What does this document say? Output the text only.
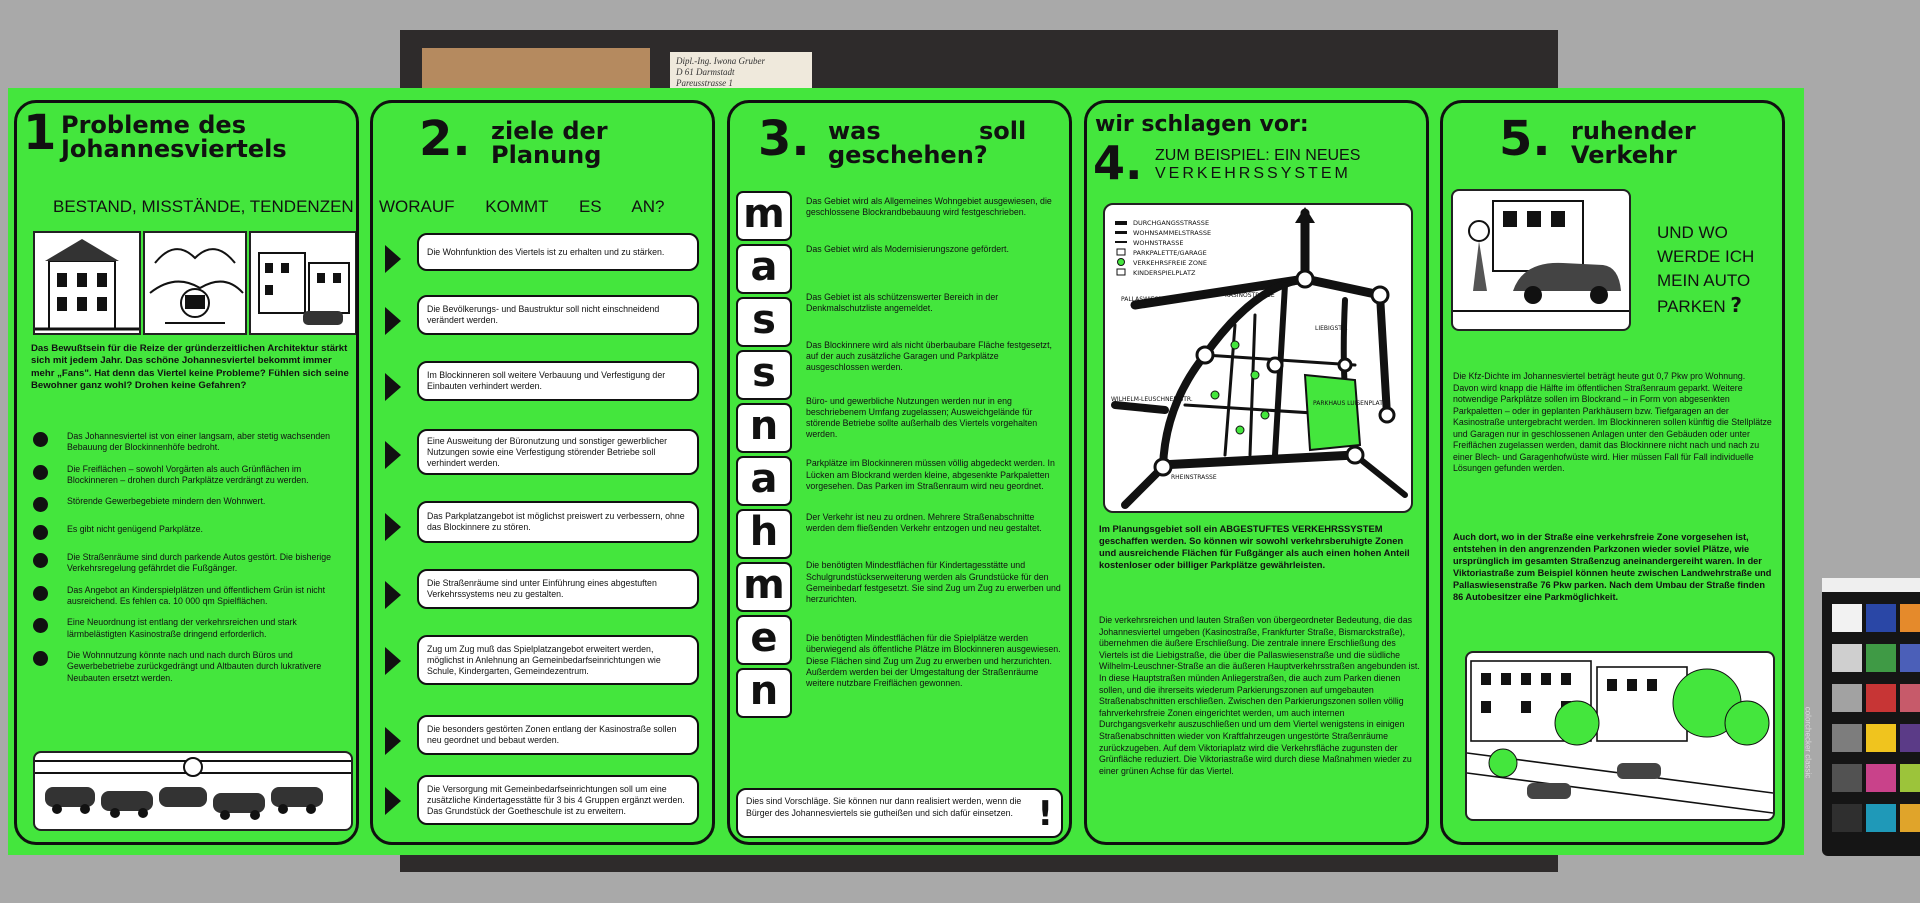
Dipl.-Ing. Iwona Gruber
D 61 Darmstadt
Pareusstrasse 1
1 Probleme des
Johannesviertels
BESTAND, MISSTÄNDE, TENDENZEN
Das Bewußtsein für die Reize der gründerzeitlichen Architektur stärkt sich mit jedem Jahr. Das schöne Johannesviertel bekommt immer mehr „Fans". Hat denn das Viertel keine Probleme? Fühlen sich seine Bewohner ganz wohl? Drohen keine Gefahren?
Das Johannesviertel ist von einer langsam, aber stetig wachsenden Bebauung der Blockinnenhöfe bedroht.
Die Freiflächen – sowohl Vorgärten als auch Grünflächen im Blockinneren – drohen durch Parkplätze verdrängt zu werden.
Störende Gewerbegebiete mindern den Wohnwert.
Es gibt nicht genügend Parkplätze.
Die Straßenräume sind durch parkende Autos gestört. Die bisherige Verkehrsregelung gefährdet die Fußgänger.
Das Angebot an Kinderspielplätzen und öffentlichem Grün ist nicht ausreichend. Es fehlen ca. 10 000 qm Spielflächen.
Eine Neuordnung ist entlang der verkehrsreichen und stark lärmbelästigten Kasinostraße dringend erforderlich.
Die Wohnnutzung könnte nach und nach durch Büros und Gewerbebetriebe zurückgedrängt und Altbauten durch lukrativere Neubauten ersetzt werden.
2. ziele der
Planung
WORAUF KOMMT ES AN?
Die Wohnfunktion des Viertels ist zu erhalten und zu stärken.
Die Bevölkerungs- und Baustruktur soll nicht einschneidend verändert werden.
Im Blockinneren soll weitere Verbauung und Verfestigung der Einbauten verhindert werden.
Eine Ausweitung der Büronutzung und sonstiger gewerblicher Nutzungen sowie eine Verfestigung störender Betriebe soll verhindert werden.
Das Parkplatzangebot ist möglichst preiswert zu verbessern, ohne das Blockinnere zu stören.
Die Straßenräume sind unter Einführung eines abgestuften Verkehrssystems neu zu gestalten.
Zug um Zug muß das Spielplatzangebot erweitert werden, möglichst in Anlehnung an Gemeinbedarfseinrichtungen wie Schule, Kindergarten, Gemeindezentrum.
Die besonders gestörten Zonen entlang der Kasinostraße sollen neu geordnet und bebaut werden.
Die Versorgung mit Gemeinbedarfseinrichtungen soll um eine zusätzliche Kindertagesstätte für 3 bis 4 Gruppen ergänzt werden. Das Grundstück der Goetheschule ist zu erweitern.
3. was soll
geschehen?
m
a
s
s
n
a
h
m
e
n
Das Gebiet wird als Allgemeines Wohngebiet ausgewiesen, die geschlossene Blockrandbebauung wird festgeschrieben.
Das Gebiet wird als Modernisierungszone gefördert.
Das Gebiet ist als schützenswerter Bereich in der Denkmalschutzliste angemeldet.
Das Blockinnere wird als nicht überbaubare Fläche festgesetzt, auf der auch zusätzliche Garagen und Parkplätze ausgeschlossen werden.
Büro- und gewerbliche Nutzungen werden nur in eng beschriebenem Umfang zugelassen; Ausweichgelände für störende Betriebe sollte außerhalb des Viertels vorgehalten werden.
Parkplätze im Blockinneren müssen völlig abgedeckt werden. In Lücken am Blockrand werden kleine, abgesenkte Parkpaletten vorgesehen. Das Parken im Straßenraum wird neu geordnet.
Der Verkehr ist neu zu ordnen. Mehrere Straßenabschnitte werden dem fließenden Verkehr entzogen und neu gestaltet.
Die benötigten Mindestflächen für Kindertagesstätte und Schulgrundstückserweiterung werden als Grundstücke für den Gemeinbedarf festgesetzt. Sie sind Zug um Zug zu erwerben und herzurichten.
Die benötigten Mindestflächen für die Spielplätze werden überwiegend als öffentliche Plätze im Blockinneren ausgewiesen. Diese Flächen sind Zug um Zug zu erwerben und herzurichten. Außerdem werden bei der Umgestaltung der Straßenräume weitere nutzbare Freiflächen gewonnen.
Dies sind Vorschläge. Sie können nur dann realisiert werden, wenn die Bürger des Johannesviertels sie gutheißen und sich dafür einsetzen. !
wir schlagen vor:
4. ZUM BEISPIEL: EIN NEUES
VERKEHRSSYSTEM
DURCHGANGSSTRASSE
WOHNSAMMELSTRASSE
WOHNSTRASSE
PARKPALETTE/GARAGE
VERKEHRSFREIE ZONE
KINDERSPIELPLATZ
PALLASWIESENSTR.
KASINOSTRASSE
LIEBIGSTR.
WILHELM-LEUSCHNER-STR.
RHEINSTRASSE
PARKHAUS LUISENPLATZ
Im Planungsgebiet soll ein ABGESTUFTES VERKEHRSSYSTEM geschaffen werden. So können wir sowohl verkehrsberuhigte Zonen und ausreichende Flächen für Fußgänger als auch einen hohen Anteil kostenloser oder billiger Parkplätze gewährleisten.
Die verkehrsreichen und lauten Straßen von übergeordneter Bedeutung, die das Johannesviertel umgeben (Kasinostraße, Frankfurter Straße, Bismarckstraße), übernehmen die äußere Erschließung. Die zentrale innere Erschließung des Viertels ist die Liebigstraße, die über die Pallaswiesenstraße und die südliche Wilhelm-Leuschner-Straße an die äußeren Hauptverkehrsstraßen angebunden ist. In diese Hauptstraßen münden Anliegerstraßen, die auch zum Parken dienen sollen, und die ihrerseits wiederum Parkierungszonen auf umgebauten Straßenabschnitten erschließen. Zwischen den Parkierungszonen sollen völlig fahrverkehrsfreie Zonen eingerichtet werden, um auch internen Durchgangsverkehr auszuschließen und um dem Viertel wenigstens in einigen Straßenabschnitten wieder von Kraftfahrzeugen ungestörte Straßenräume zurückzugeben. Auf dem Viktoriaplatz wird die Verkehrsfläche zugunsten der Grünfläche reduziert. Die Viktoriastraße wird durch diese Maßnahmen wieder zu einer grünen Achse für das Viertel.
5. ruhender
Verkehr
UND WO
WERDE ICH
MEIN AUTO
PARKEN ?
Die Kfz-Dichte im Johannesviertel beträgt heute gut 0,7 Pkw pro Wohnung. Davon wird knapp die Hälfte im öffentlichen Straßenraum geparkt. Weitere notwendige Parkplätze sollen im Blockrand – in Form von abgesenkten Parkpaletten – oder in geplanten Parkhäusern bzw. Tiefgaragen an der Kasinostraße untergebracht werden. Im Blockinneren sollen künftig die Stellplätze und Garagen nur in geschlossenen Anlagen unter den Gebäuden oder unter Freiflächen zugelassen werden, damit das Blockinnere nicht nach und nach zu einer Blech- und Garagenhofwüste wird. Hier müssen Fall für Fall individuelle Lösungen gefunden werden.
Auch dort, wo in der Straße eine verkehrsfreie Zone vorgesehen ist, entstehen in den angrenzenden Parkzonen wieder soviel Plätze, wie ursprünglich im gesamten Straßenzug aneinandergereiht waren. In der Viktoriastraße zum Beispiel können heute zwischen Landwehrstraße und Pallaswiesenstraße 76 Pkw parken. Nach dem Umbau der Straße finden 86 Autobesitzer eine Parkmöglichkeit.
colorchecker classic
